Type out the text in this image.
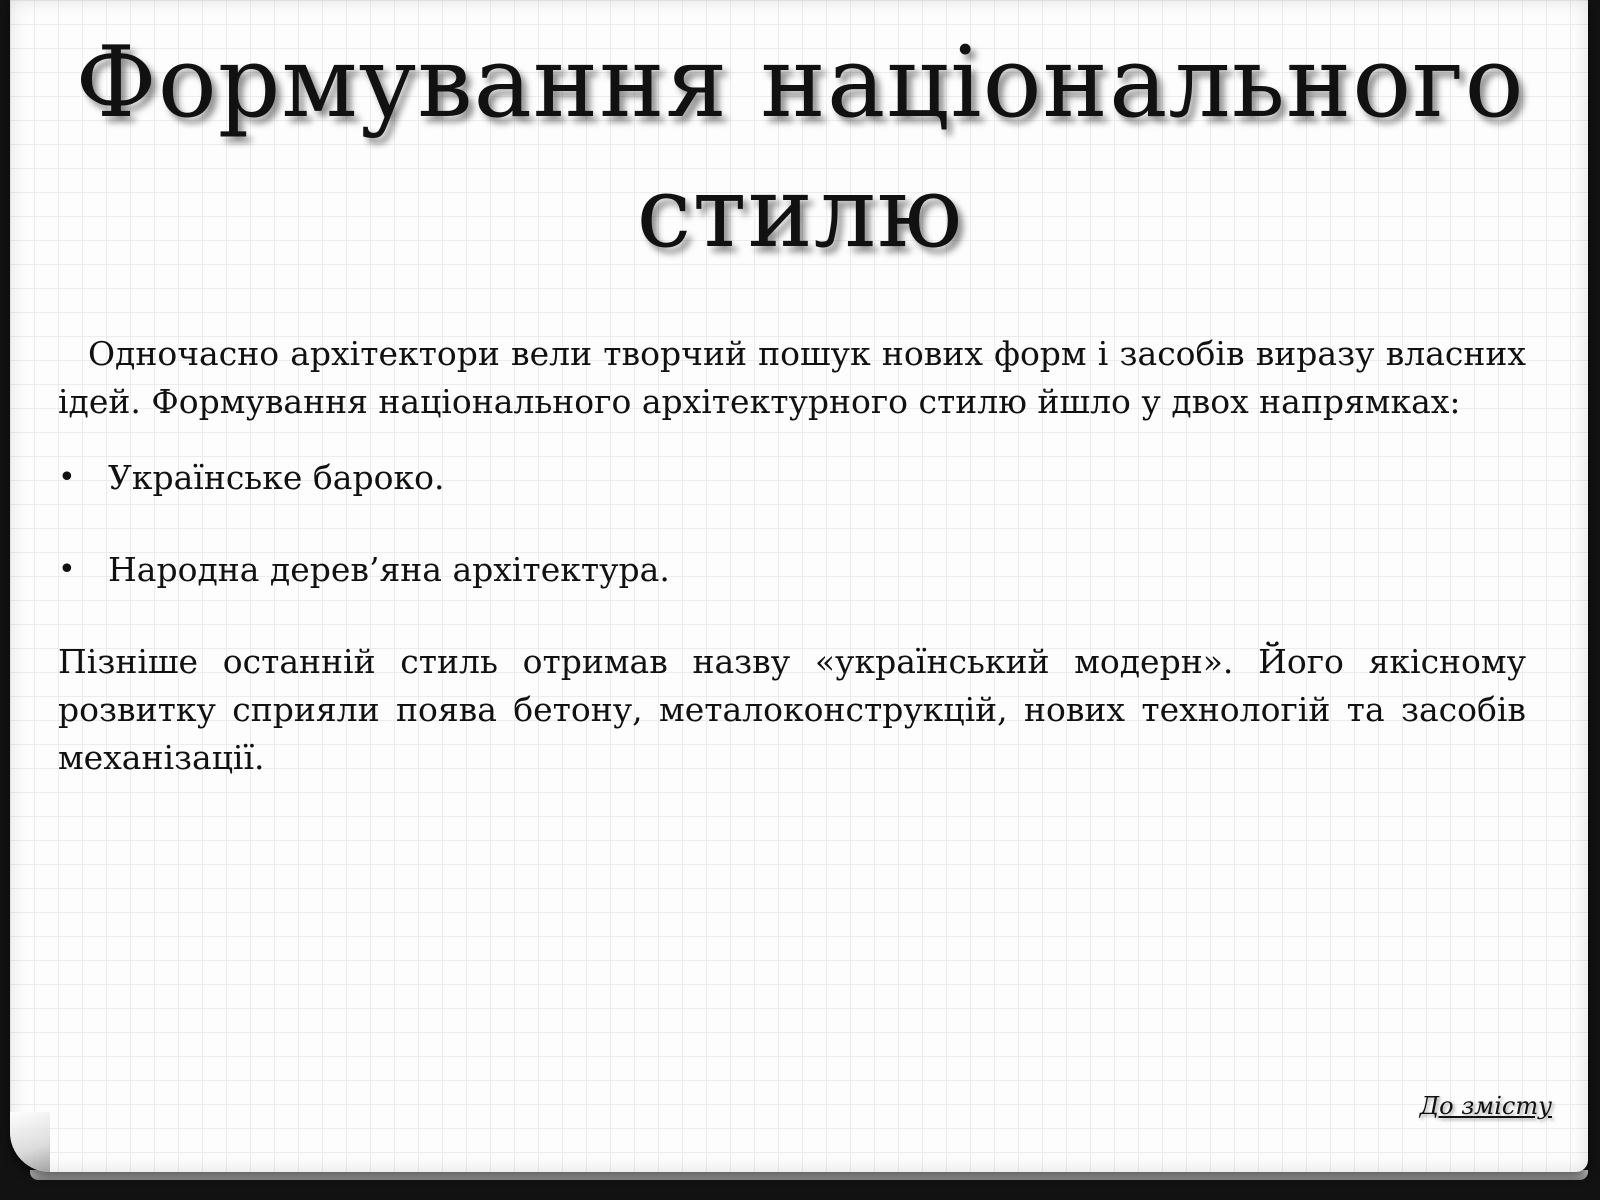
Формування національного стилю

Одночасно архітектори вели творчий пошук нових форм і засобів виразу власних ідей. Формування національного архітектурного стилю йшло у двох напрямках:

• Українське бароко.
• Народна дерев’яна архітектура.

Пізніше останній стиль отримав назву «український модерн». Його якісному розвитку сприяли поява бетону, металоконструкцій, нових технологій та засобів механізації.

До змісту
